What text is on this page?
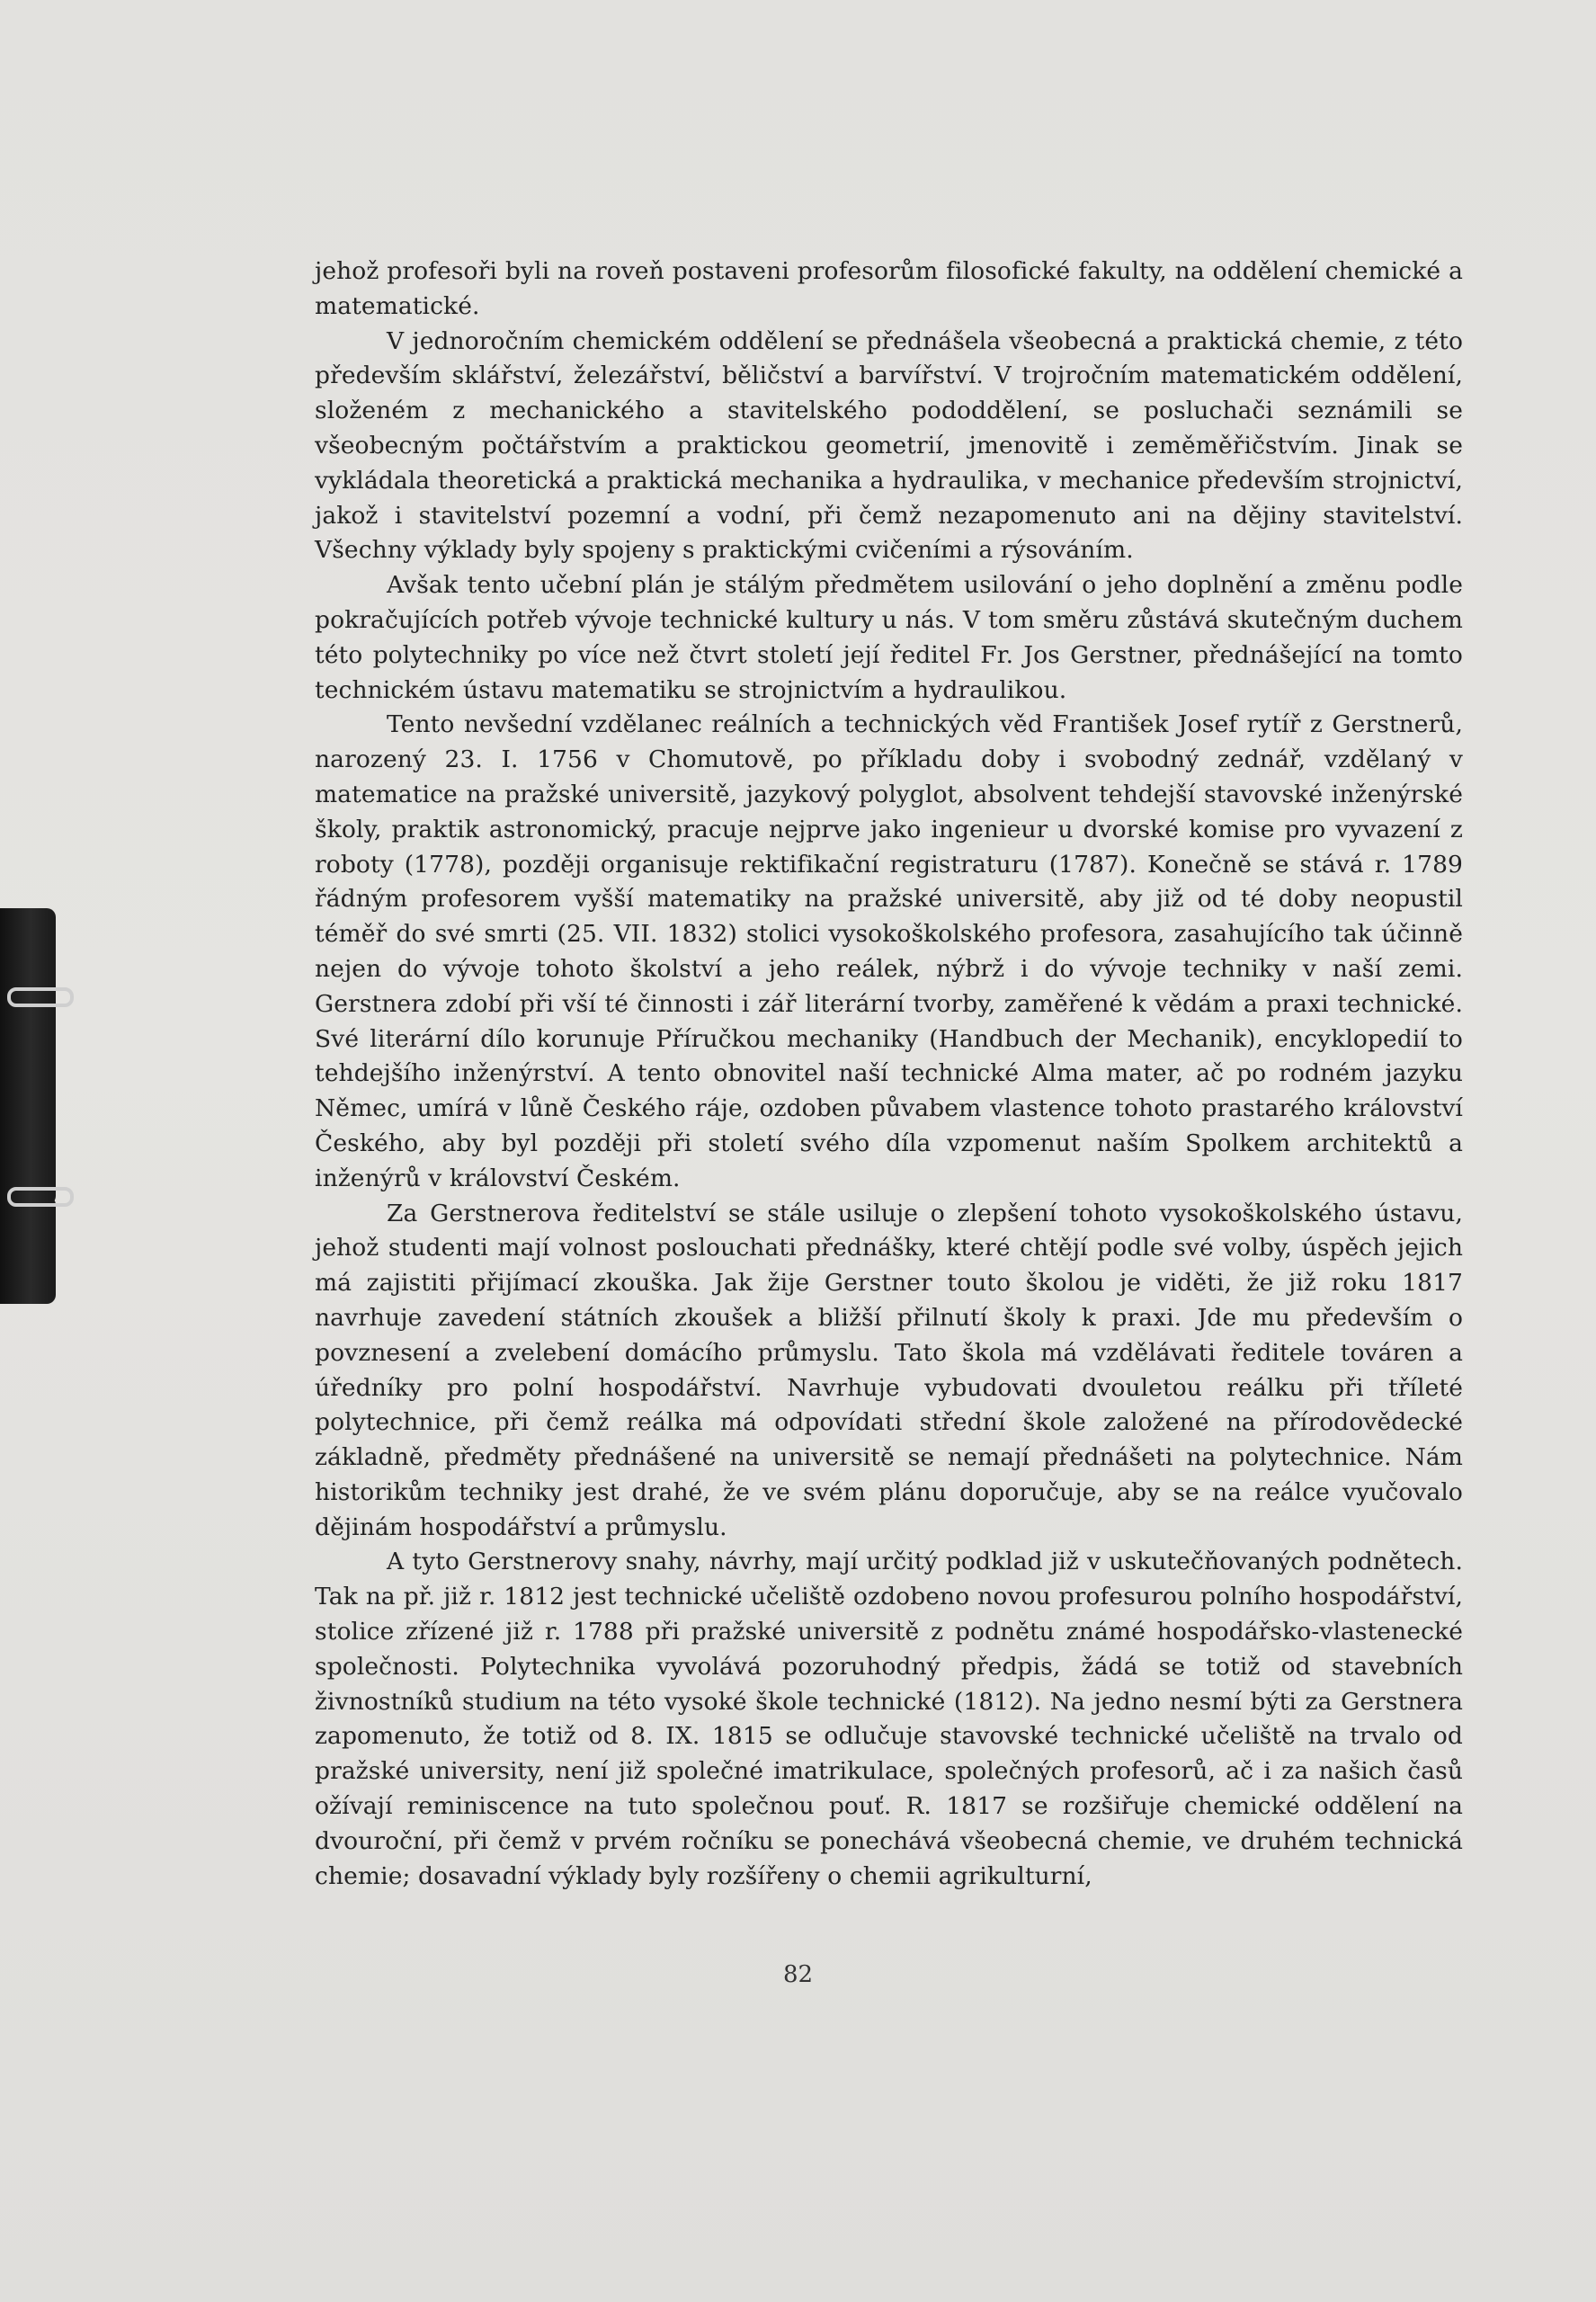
jehož profesoři byli na roveň postaveni profesorům filosofické fakulty, na oddělení chemické a matematické.

V jednoročním chemickém oddělení se přednášela všeobecná a praktická chemie, z této především sklářství, železářství, běličství a barvířství. V trojročním matematickém oddělení, složeném z mechanického a stavitelského pododdělení, se posluchači seznámili se všeobecným počtářstvím a praktickou geometrií, jmenovitě i zeměměřičstvím. Jinak se vykládala theoretická a praktická mechanika a hydraulika, v mechanice především strojnictví, jakož i stavitelství pozemní a vodní, při čemž nezapomenuto ani na dějiny stavitelství. Všechny výklady byly spojeny s praktickými cvičeními a rýsováním.

Avšak tento učební plán je stálým předmětem usilování o jeho doplnění a změnu podle pokračujících potřeb vývoje technické kultury u nás. V tom směru zůstává skutečným duchem této polytechniky po více než čtvrt století její ředitel Fr. Jos Gerstner, přednášející na tomto technickém ústavu matematiku se strojnictvím a hydraulikou.

Tento nevšední vzdělanec reálních a technických věd František Josef rytíř z Gerstnerů, narozený 23. I. 1756 v Chomutově, po příkladu doby i svobodný zednář, vzdělaný v matematice na pražské universitě, jazykový polyglot, absolvent tehdejší stavovské inženýrské školy, praktik astronomický, pracuje nejprve jako ingenieur u dvorské komise pro vyvazení z roboty (1778), později organisuje rektifikační registraturu (1787). Konečně se stává r. 1789 řádným profesorem vyšší matematiky na pražské universitě, aby již od té doby neopustil téměř do své smrti (25. VII. 1832) stolici vysokoškolského profesora, zasahujícího tak účinně nejen do vývoje tohoto školství a jeho reálek, nýbrž i do vývoje techniky v naší zemi. Gerstnera zdobí při vší té činnosti i zář literární tvorby, zaměřené k vědám a praxi technické. Své literární dílo korunuje Příručkou mechaniky (Handbuch der Mechanik), encyklopedií to tehdejšího inženýrství. A tento obnovitel naší technické Alma mater, ač po rodném jazyku Němec, umírá v lůně Českého ráje, ozdoben půvabem vlastence tohoto prastarého království Českého, aby byl později při století svého díla vzpomenut naším Spolkem architektů a inženýrů v království Českém.

Za Gerstnerova ředitelství se stále usiluje o zlepšení tohoto vysokoškolského ústavu, jehož studenti mají volnost poslouchati přednášky, které chtějí podle své volby, úspěch jejich má zajistiti přijímací zkouška. Jak žije Gerstner touto školou je viděti, že již roku 1817 navrhuje zavedení státních zkoušek a bližší přilnutí školy k praxi. Jde mu především o povznesení a zvelebení domácího průmyslu. Tato škola má vzdělávati ředitele továren a úředníky pro polní hospodářství. Navrhuje vybudovati dvouletou reálku při tříleté polytechnice, při čemž reálka má odpovídati střední škole založené na přírodovědecké základně, předměty přednášené na universitě se nemají přednášeti na polytechnice. Nám historikům techniky jest drahé, že ve svém plánu doporučuje, aby se na reálce vyučovalo dějinám hospodářství a průmyslu.

A tyto Gerstnerovy snahy, návrhy, mají určitý podklad již v uskutečňovaných podnětech. Tak na př. již r. 1812 jest technické učeliště ozdobeno novou profesurou polního hospodářství, stolice zřízené již r. 1788 při pražské universitě z podnětu známé hospodářsko-vlastenecké společnosti. Polytechnika vyvolává pozoruhodný předpis, žádá se totiž od stavebních živnostníků studium na této vysoké škole technické (1812). Na jedno nesmí býti za Gerstnera zapomenuto, že totiž od 8. IX. 1815 se odlučuje stavovské technické učeliště na trvalo od pražské university, není již společné imatrikulace, společných profesorů, ač i za našich časů ožívají reminiscence na tuto společnou pouť. R. 1817 se rozšiřuje chemické oddělení na dvouroční, při čemž v prvém ročníku se ponechává všeobecná chemie, ve druhém technická chemie; dosavadní výklady byly rozšířeny o chemii agrikulturní,

82
